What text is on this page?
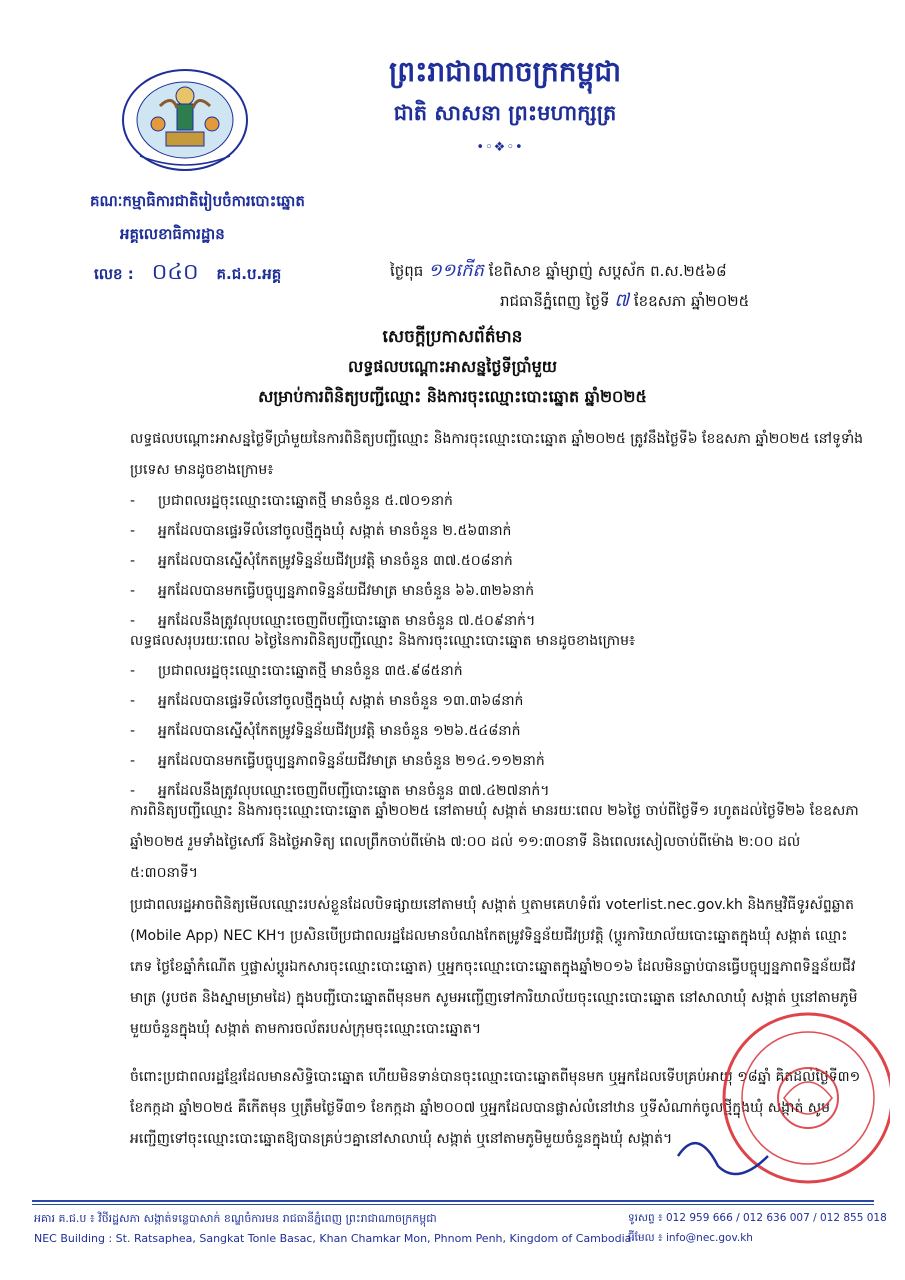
ព្រះរាជាណាចក្រកម្ពុជា
ជាតិ សាសនា ព្រះមហាក្សត្រ
•◦❖◦•
គណៈកម្មាធិការជាតិរៀបចំការបោះឆ្នោត
អគ្គលេខាធិការដ្ឋាន
លេខ : ០៤០ គ.ជ.ប.អគ្គ	ថ្ងៃពុធ ១១កើត ខែពិសាខ ឆ្នាំម្សាញ់ សប្តស័ក ព.ស.២៥៦៨
រាជធានីភ្នំពេញ ថ្ងៃទី ៧ ខែឧសភា ឆ្នាំ២០២៥
សេចក្តីប្រកាសព័ត៌មាន
លទ្ធផលបណ្តោះអាសន្នថ្ងៃទីប្រាំមួយ
សម្រាប់ការពិនិត្យបញ្ជីឈ្មោះ និងការចុះឈ្មោះបោះឆ្នោត ឆ្នាំ២០២៥
លទ្ធផលបណ្តោះអាសន្នថ្ងៃទីប្រាំមួយនៃការពិនិត្យបញ្ជីឈ្មោះ និងការចុះឈ្មោះបោះឆ្នោត ឆ្នាំ២០២៥ ត្រូវនឹងថ្ងៃទី៦ ខែឧសភា ឆ្នាំ២០២៥ នៅទូទាំងប្រទេស មានដូចខាងក្រោម៖
-	ប្រជាពលរដ្ឋចុះឈ្មោះបោះឆ្នោតថ្មី មានចំនួន ៥.៧០១នាក់
-	អ្នកដែលបានផ្ទេរទីលំនៅចូលថ្មីក្នុងឃុំ សង្កាត់ មានចំនួន ២.៥៦៣នាក់
-	អ្នកដែលបានស្នើសុំកែតម្រូវទិន្នន័យជីវប្រវត្តិ មានចំនួន ៣៧.៥០៨នាក់
-	អ្នកដែលបានមកធ្វើបច្ចុប្បន្នភាពទិន្នន័យជីវមាត្រ មានចំនួន ៦៦.៣២៦នាក់
-	អ្នកដែលនឹងត្រូវលុបឈ្មោះចេញពីបញ្ជីបោះឆ្នោត មានចំនួន ៧.៥០៩នាក់។
លទ្ធផលសរុបរយៈពេល ៦ថ្ងៃនៃការពិនិត្យបញ្ជីឈ្មោះ និងការចុះឈ្មោះបោះឆ្នោត មានដូចខាងក្រោម៖
-	ប្រជាពលរដ្ឋចុះឈ្មោះបោះឆ្នោតថ្មី មានចំនួន ៣៥.៩៨៥នាក់
-	អ្នកដែលបានផ្ទេរទីលំនៅចូលថ្មីក្នុងឃុំ សង្កាត់ មានចំនួន ១៣.៣៦៨នាក់
-	អ្នកដែលបានស្នើសុំកែតម្រូវទិន្នន័យជីវប្រវត្តិ មានចំនួន ១២៦.៥៤៨នាក់
-	អ្នកដែលបានមកធ្វើបច្ចុប្បន្នភាពទិន្នន័យជីវមាត្រ មានចំនួន ២១៤.១១២នាក់
-	អ្នកដែលនឹងត្រូវលុបឈ្មោះចេញពីបញ្ជីបោះឆ្នោត មានចំនួន ៣៧.៤២៧នាក់។
ការពិនិត្យបញ្ជីឈ្មោះ និងការចុះឈ្មោះបោះឆ្នោត ឆ្នាំ២០២៥ នៅតាមឃុំ សង្កាត់ មានរយៈពេល ២៦ថ្ងៃ ចាប់ពីថ្ងៃទី១ រហូតដល់ថ្ងៃទី២៦ ខែឧសភា ឆ្នាំ២០២៥ រួមទាំងថ្ងៃសៅរ៍ និងថ្ងៃអាទិត្យ ពេលព្រឹកចាប់ពីម៉ោង ៧:០០ ដល់ ១១:៣០នាទី និងពេលរសៀលចាប់ពីម៉ោង ២:០០ ដល់ ៥:៣០នាទី។
ប្រជាពលរដ្ឋអាចពិនិត្យមើលឈ្មោះរបស់ខ្លួនដែលបិទផ្សាយនៅតាមឃុំ សង្កាត់ ឬតាមគេហទំព័រ voterlist.nec.gov.kh និងកម្មវិធីទូរស័ព្ទឆ្លាត (Mobile App) NEC KH។ ប្រសិនបើប្រជាពលរដ្ឋដែលមានបំណងកែតម្រូវទិន្នន័យជីវប្រវត្តិ (ប្តូរការិយាល័យបោះឆ្នោតក្នុងឃុំ សង្កាត់ ឈ្មោះ ភេទ ថ្ងៃខែឆ្នាំកំណើត ឬផ្លាស់ប្តូរឯកសារចុះឈ្មោះបោះឆ្នោត) ឬអ្នកចុះឈ្មោះបោះឆ្នោតក្នុងឆ្នាំ២០១៦ ដែលមិនធ្លាប់បានធ្វើបច្ចុប្បន្នភាពទិន្នន័យជីវមាត្រ (រូបថត និងស្នាមម្រាមដៃ) ក្នុងបញ្ជីបោះឆ្នោតពីមុនមក សូមអញ្ជើញទៅការិយាល័យចុះឈ្មោះបោះឆ្នោត នៅសាលាឃុំ សង្កាត់ ឬនៅតាមភូមិមួយចំនួនក្នុងឃុំ សង្កាត់ តាមការចល័តរបស់ក្រុមចុះឈ្មោះបោះឆ្នោត។
ចំពោះប្រជាពលរដ្ឋខ្មែរដែលមានសិទ្ធិបោះឆ្នោត ហើយមិនទាន់បានចុះឈ្មោះបោះឆ្នោតពីមុនមក ឬអ្នកដែលទើបគ្រប់អាយុ ១៨ឆ្នាំ គិតដល់ថ្ងៃទី៣១ ខែកក្កដា ឆ្នាំ២០២៥ គឺកើតមុន ឬត្រឹមថ្ងៃទី៣១ ខែកក្កដា ឆ្នាំ២០០៧ ឬអ្នកដែលបានផ្លាស់លំនៅឋាន ឬទីសំណាក់ចូលថ្មីក្នុងឃុំ សង្កាត់ សូមអញ្ជើញទៅចុះឈ្មោះបោះឆ្នោតឱ្យបានគ្រប់ៗគ្នានៅសាលាឃុំ សង្កាត់ ឬនៅតាមភូមិមួយចំនួនក្នុងឃុំ សង្កាត់។
អគារ គ.ជ.ប ៖ វិថីរដ្ឋសភា សង្កាត់ទន្លេបាសាក់ ខណ្ឌចំការមន រាជធានីភ្នំពេញ ព្រះរាជាណាចក្រកម្ពុជា
NEC Building : St. Ratsaphea, Sangkat Tonle Basac, Khan Chamkar Mon, Phnom Penh, Kingdom of Cambodia
ទូរសព្ទ ៖ 012 959 666 / 012 636 007 / 012 855 018
អ៊ីមែល ៖ info@nec.gov.kh
